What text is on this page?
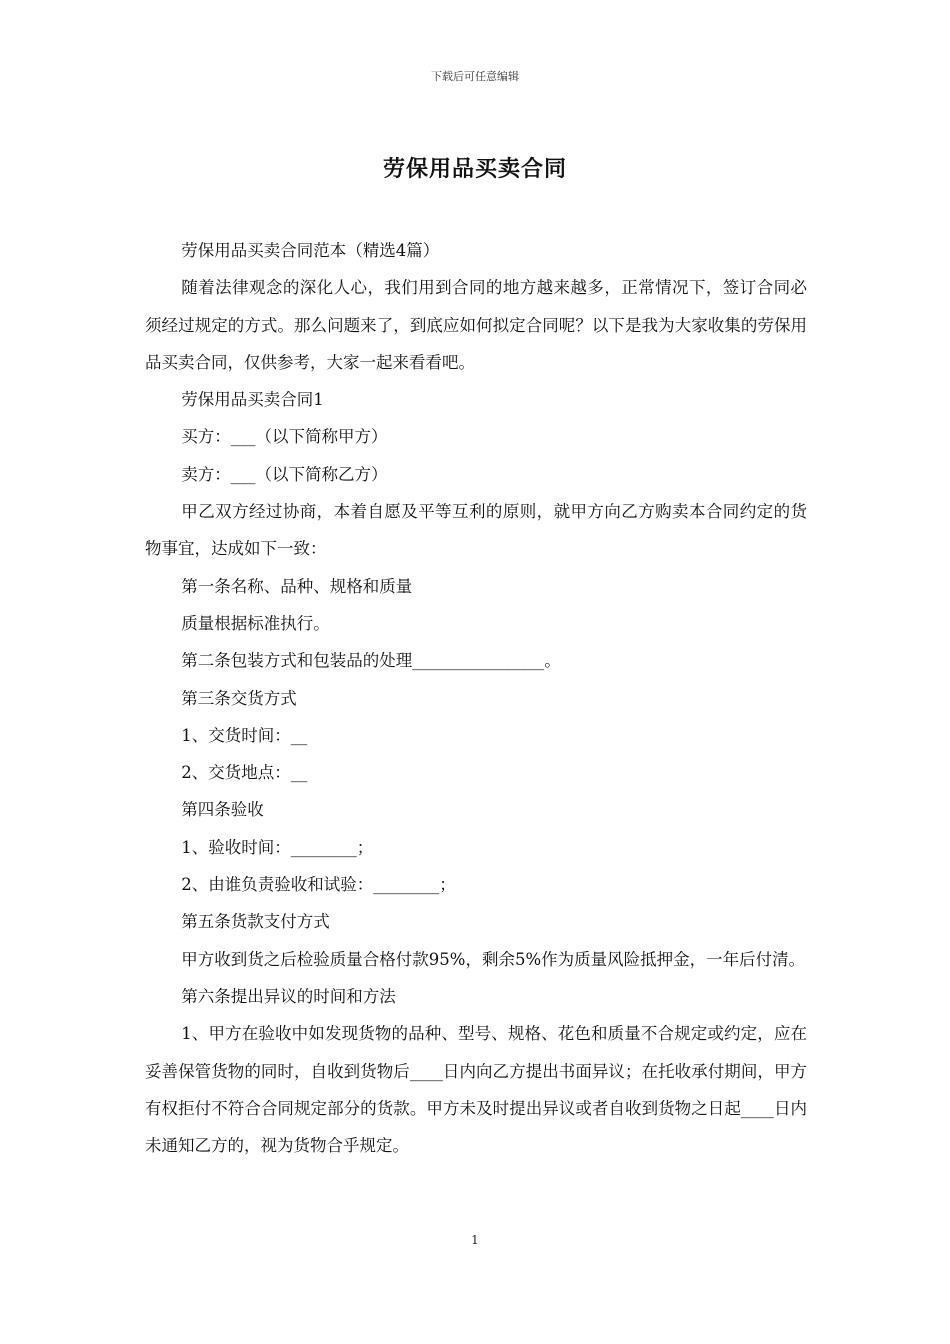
下载后可任意编辑
劳保用品买卖合同

劳保用品买卖合同范本（精选4篇）

随着法律观念的深化人心，我们用到合同的地方越来越多，正常情况下，签订合同必须经过规定的方式。那么问题来了，到底应如何拟定合同呢？以下是我为大家收集的劳保用品买卖合同，仅供参考，大家一起来看看吧。

劳保用品买卖合同1

买方：___（以下简称甲方）

卖方：___（以下简称乙方）

甲乙双方经过协商，本着自愿及平等互利的原则，就甲方向乙方购卖本合同约定的货物事宜，达成如下一致：

第一条名称、品种、规格和质量

质量根据标准执行。

第二条包装方式和包装品的处理________________。

第三条交货方式

1、交货时间：__

2、交货地点：__

第四条验收

1、验收时间：________；

2、由谁负责验收和试验：________；

第五条货款支付方式

甲方收到货之后检验质量合格付款95%，剩余5%作为质量风险抵押金，一年后付清。

第六条提出异议的时间和方法

1、甲方在验收中如发现货物的品种、型号、规格、花色和质量不合规定或约定，应在妥善保管货物的同时，自收到货物后____日内向乙方提出书面异议；在托收承付期间，甲方有权拒付不符合合同规定部分的货款。甲方未及时提出异议或者自收到货物之日起____日内未通知乙方的，视为货物合乎规定。

1
